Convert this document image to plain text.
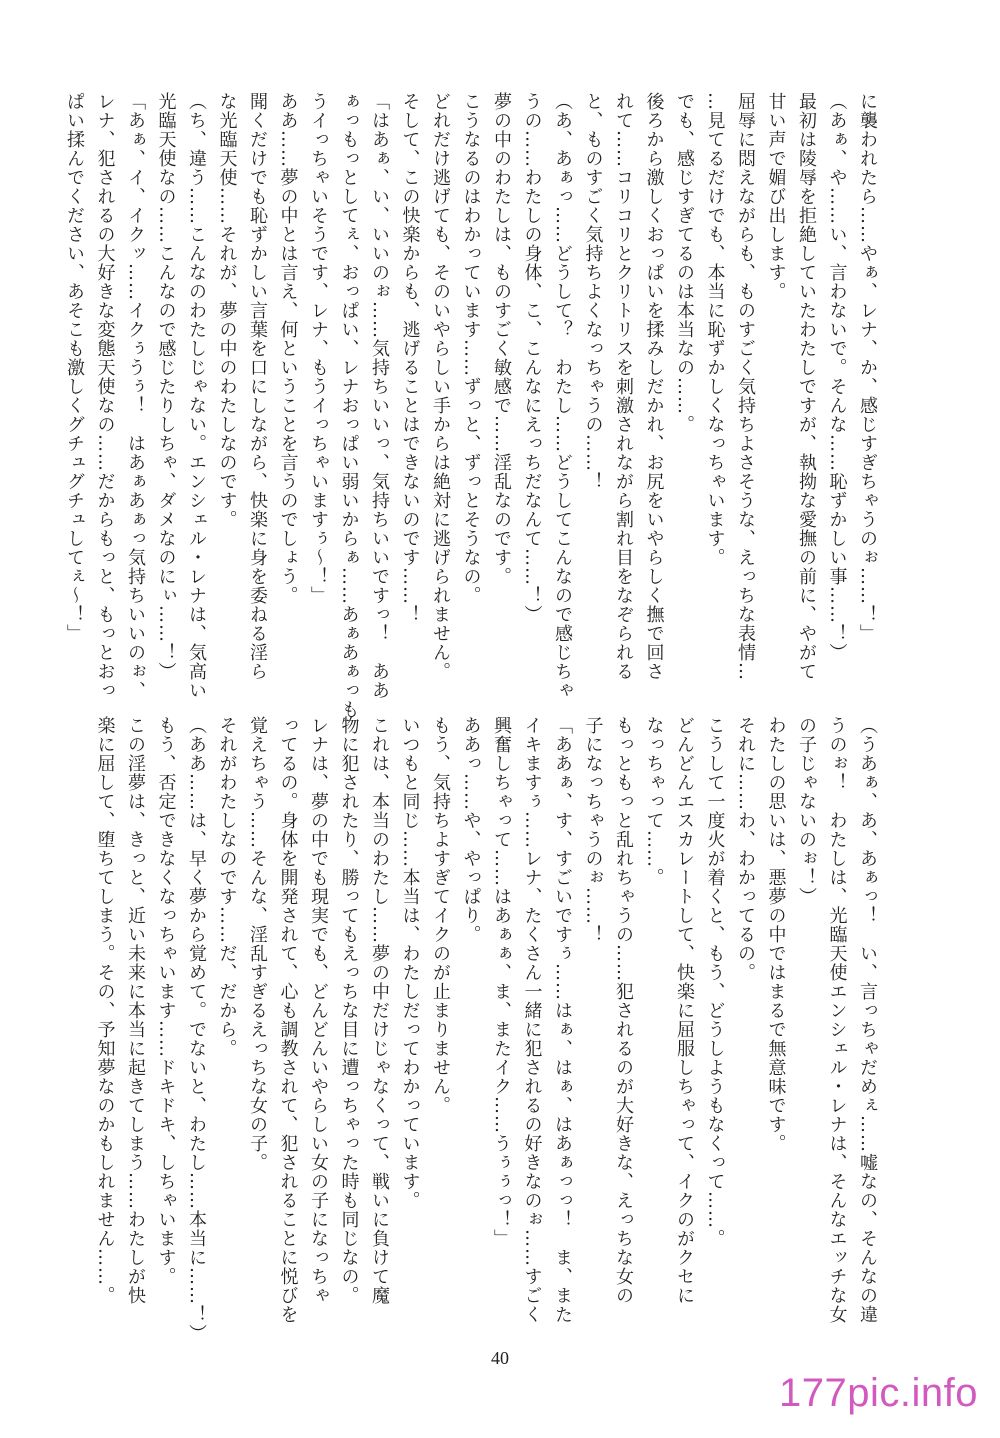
に襲われたら……やぁ、レナ、か、感じすぎちゃうのぉ……！」
（あぁ、や……い、言わないで。そんな……恥ずかしい事……！）
最初は陵辱を拒絶していたわたしですが、執拗な愛撫の前に、やがて
甘い声で媚び出します。
屈辱に悶えながらも、ものすごく気持ちよさそうな、えっちな表情…
…見てるだけでも、本当に恥ずかしくなっちゃいます。
でも、感じすぎてるのは本当なの……。
後ろから激しくおっぱいを揉みしだかれ、お尻をいやらしく撫で回さ
れて……コリコリとクリトリスを刺激されながら割れ目をなぞられる
と、ものすごく気持ちよくなっちゃうの……！
（あ、あぁっ……どうして？　わたし……どうしてこんなので感じちゃ
うの……わたしの身体、こ、こんなにえっちだなんて……！）
夢の中のわたしは、ものすごく敏感で……淫乱なのです。
こうなるのはわかっています……ずっと、ずっとそうなの。
どれだけ逃げても、そのいやらしい手からは絶対に逃げられません。
そして、この快楽からも、逃げることはできないのです……！
「はあぁ、い、いいのぉ……気持ちいいっ、気持ちいいですっ！　ああ
ぁっもっとしてぇ、おっぱい、レナおっぱい弱いからぁ……あぁあぁっも
うイっちゃいそうです、レナ、もうイっちゃいますぅ〜！」
ああ……夢の中とは言え、何ということを言うのでしょう。
聞くだけでも恥ずかしい言葉を口にしながら、快楽に身を委ねる淫ら
な光臨天使……それが、夢の中のわたしなのです。
（ち、違う……こんなのわたしじゃない。エンシェル・レナは、気高い
光臨天使なの……こんなので感じたりしちゃ、ダメなのにぃ……！）
「あぁ、イ、イクッ……イクぅうぅ！　はあぁあぁっ気持ちいいのぉ、
レナ、犯されるの大好きな変態天使なの……だからもっと、もっとおっ
ぱい揉んでください、あそこも激しくグチュグチュしてぇ〜！」
（うあぁ、あ、あぁっ！　い、言っちゃだめぇ……嘘なの、そんなの違
うのぉ！　わたしは、光臨天使エンシェル・レナは、そんなエッチな女
の子じゃないのぉ！）
わたしの思いは、悪夢の中ではまるで無意味です。
それに……わ、わかってるの。
こうして一度火が着くと、もう、どうしようもなくって……。
どんどんエスカレートして、快楽に屈服しちゃって、イクのがクセに
なっちゃって……。
もっともっと乱れちゃうの……犯されるのが大好きな、えっちな女の
子になっちゃうのぉ……！
「ああぁ、す、すごいですぅ……はぁ、はぁ、はあぁっっ！　ま、また
イキますぅ……レナ、たくさん一緒に犯されるの好きなのぉ……すごく
興奮しちゃって……はあぁぁ、ま、またイク……うぅぅっ！」
ああっ……や、やっぱり。
もう、気持ちよすぎてイクのが止まりません。
いつもと同じ……本当は、わたしだってわかっています。
これは、本当のわたし……夢の中だけじゃなくって、戦いに負けて魔
物に犯されたり、勝ってもえっちな目に遭っちゃった時も同じなの。
レナは、夢の中でも現実でも、どんどんいやらしい女の子になっちゃ
ってるの。身体を開発されて、心も調教されて、犯されることに悦びを
覚えちゃう……そんな、淫乱すぎるえっちな女の子。
それがわたしなのです……だ、だから。
（ああ……は、早く夢から覚めて。でないと、わたし……本当に……！）
もう、否定できなくなっちゃいます……ドキドキ、しちゃいます。
この淫夢は、きっと、近い未来に本当に起きてしまう……わたしが快
楽に屈して、堕ちてしまう。その、予知夢なのかもしれません……。
40
177pic.info
